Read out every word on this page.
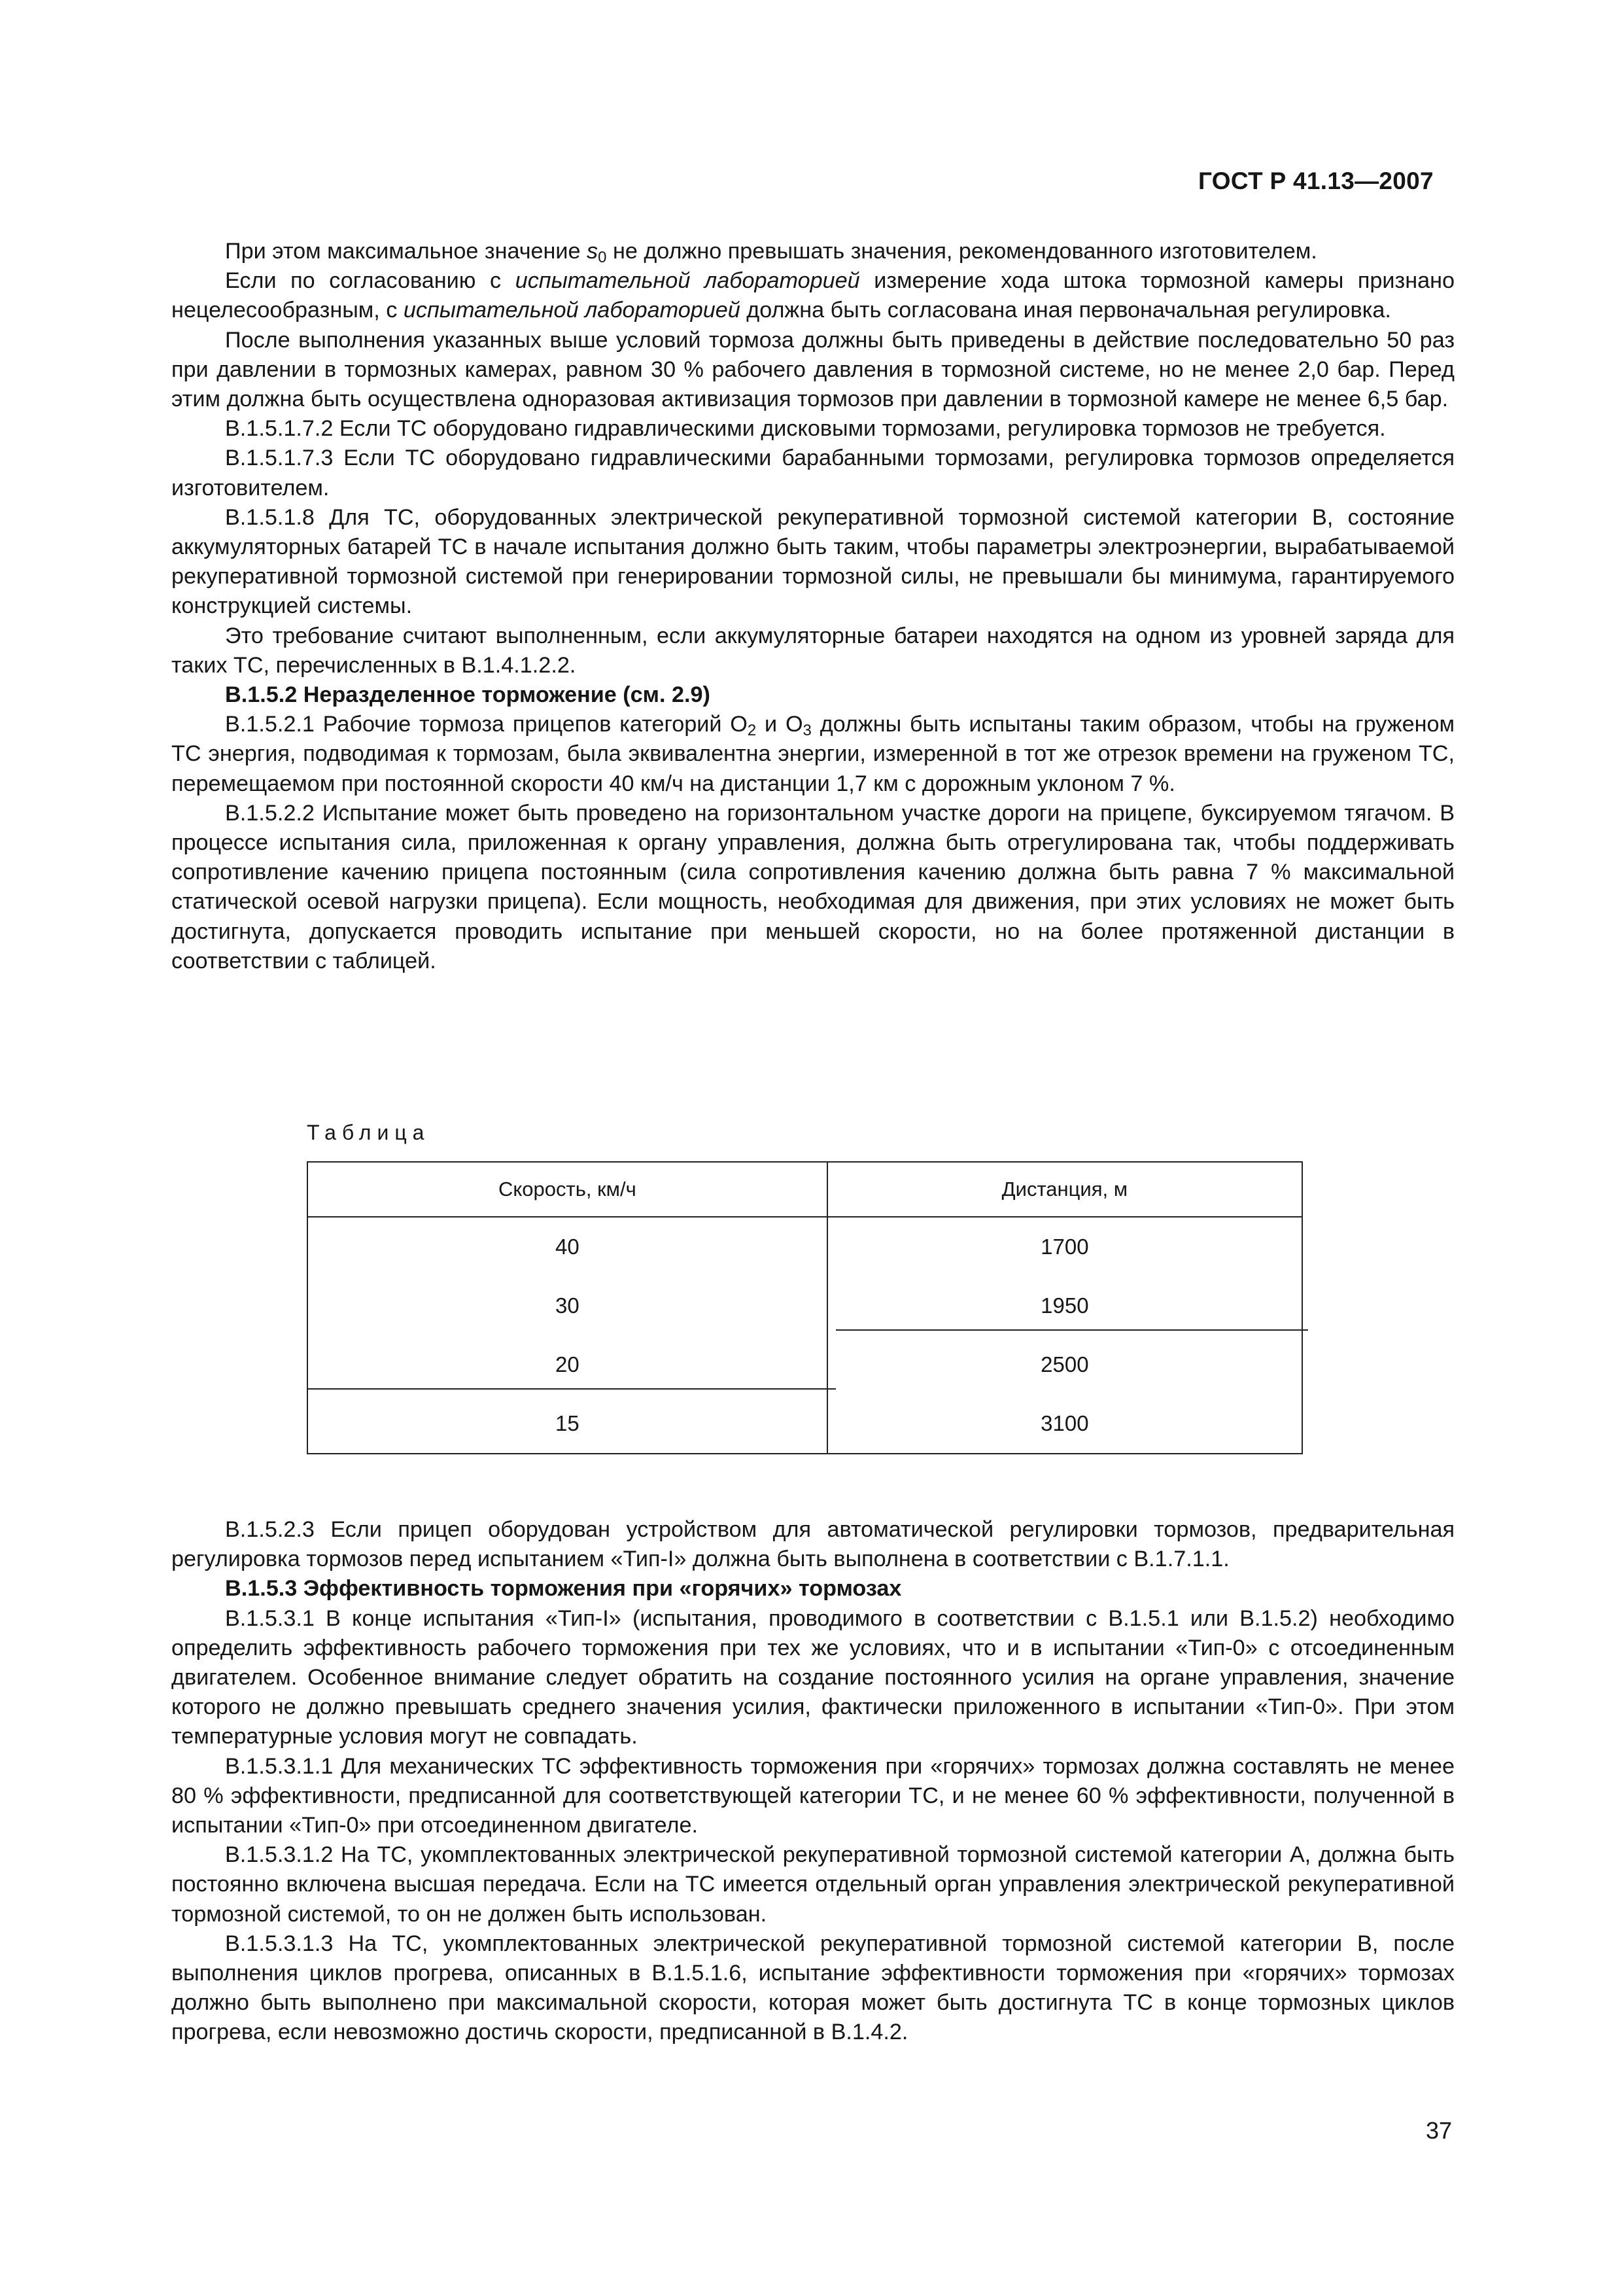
ГОСТ Р 41.13—2007

При этом максимальное значение $s_0$ не должно превышать значения, рекомендованного изготовителем.

Если по согласованию с испытательной лабораторией измерение хода штока тормозной камеры признано нецелесообразным, с испытательной лабораторией должна быть согласована иная первоначальная регулировка.

После выполнения указанных выше условий тормоза должны быть приведены в действие последовательно 50 раз при давлении в тормозных камерах, равном 30 % рабочего давления в тормозной системе, но не менее 2,0 бар. Перед этим должна быть осуществлена одноразовая активизация тормозов при давлении в тормозной камере не менее 6,5 бар.

В.1.5.1.7.2 Если ТС оборудовано гидравлическими дисковыми тормозами, регулировка тормозов не требуется.

В.1.5.1.7.3 Если ТС оборудовано гидравлическими барабанными тормозами, регулировка тормозов определяется изготовителем.

В.1.5.1.8 Для ТС, оборудованных электрической рекуперативной тормозной системой категории В, состояние аккумуляторных батарей ТС в начале испытания должно быть таким, чтобы параметры электроэнергии, вырабатываемой рекуперативной тормозной системой при генерировании тормозной силы, не превышали бы минимума, гарантируемого конструкцией системы.

Это требование считают выполненным, если аккумуляторные батареи находятся на одном из уровней заряда для таких ТС, перечисленных в В.1.4.1.2.2.

В.1.5.2 Неразделенное торможение (см. 2.9)

В.1.5.2.1 Рабочие тормоза прицепов категорий $О_2$ и $О_3$ должны быть испытаны таким образом, чтобы на груженом ТС энергия, подводимая к тормозам, была эквивалентна энергии, измеренной в тот же отрезок времени на груженом ТС, перемещаемом при постоянной скорости 40 км/ч на дистанции 1,7 км с дорожным уклоном 7 %.

В.1.5.2.2 Испытание может быть проведено на горизонтальном участке дороги на прицепе, буксируемом тягачом. В процессе испытания сила, приложенная к органу управления, должна быть отрегулирована так, чтобы поддерживать сопротивление качению прицепа постоянным (сила сопротивления качению должна быть равна 7 % максимальной статической осевой нагрузки прицепа). Если мощность, необходимая для движения, при этих условиях не может быть достигнута, допускается проводить испытание при меньшей скорости, но на более протяженной дистанции в соответствии с таблицей.

Таблица
Скорость, км/ч	Дистанция, м
40	1700
30	1950
20	2500
15	3100

В.1.5.2.3 Если прицеп оборудован устройством для автоматической регулировки тормозов, предварительная регулировка тормозов перед испытанием «Тип-I» должна быть выполнена в соответствии с В.1.7.1.1.

В.1.5.3 Эффективность торможения при «горячих» тормозах

В.1.5.3.1 В конце испытания «Тип-I» (испытания, проводимого в соответствии с В.1.5.1 или В.1.5.2) необходимо определить эффективность рабочего торможения при тех же условиях, что и в испытании «Тип-0» с отсоединенным двигателем. Особенное внимание следует обратить на создание постоянного усилия на органе управления, значение которого не должно превышать среднего значения усилия, фактически приложенного в испытании «Тип-0». При этом температурные условия могут не совпадать.

В.1.5.3.1.1 Для механических ТС эффективность торможения при «горячих» тормозах должна составлять не менее 80 % эффективности, предписанной для соответствующей категории ТС, и не менее 60 % эффективности, полученной в испытании «Тип-0» при отсоединенном двигателе.

В.1.5.3.1.2 На ТС, укомплектованных электрической рекуперативной тормозной системой категории А, должна быть постоянно включена высшая передача. Если на ТС имеется отдельный орган управления электрической рекуперативной тормозной системой, то он не должен быть использован.

В.1.5.3.1.3 На ТС, укомплектованных электрической рекуперативной тормозной системой категории В, после выполнения циклов прогрева, описанных в В.1.5.1.6, испытание эффективности торможения при «горячих» тормозах должно быть выполнено при максимальной скорости, которая может быть достигнута ТС в конце тормозных циклов прогрева, если невозможно достичь скорости, предписанной в В.1.4.2.

37
